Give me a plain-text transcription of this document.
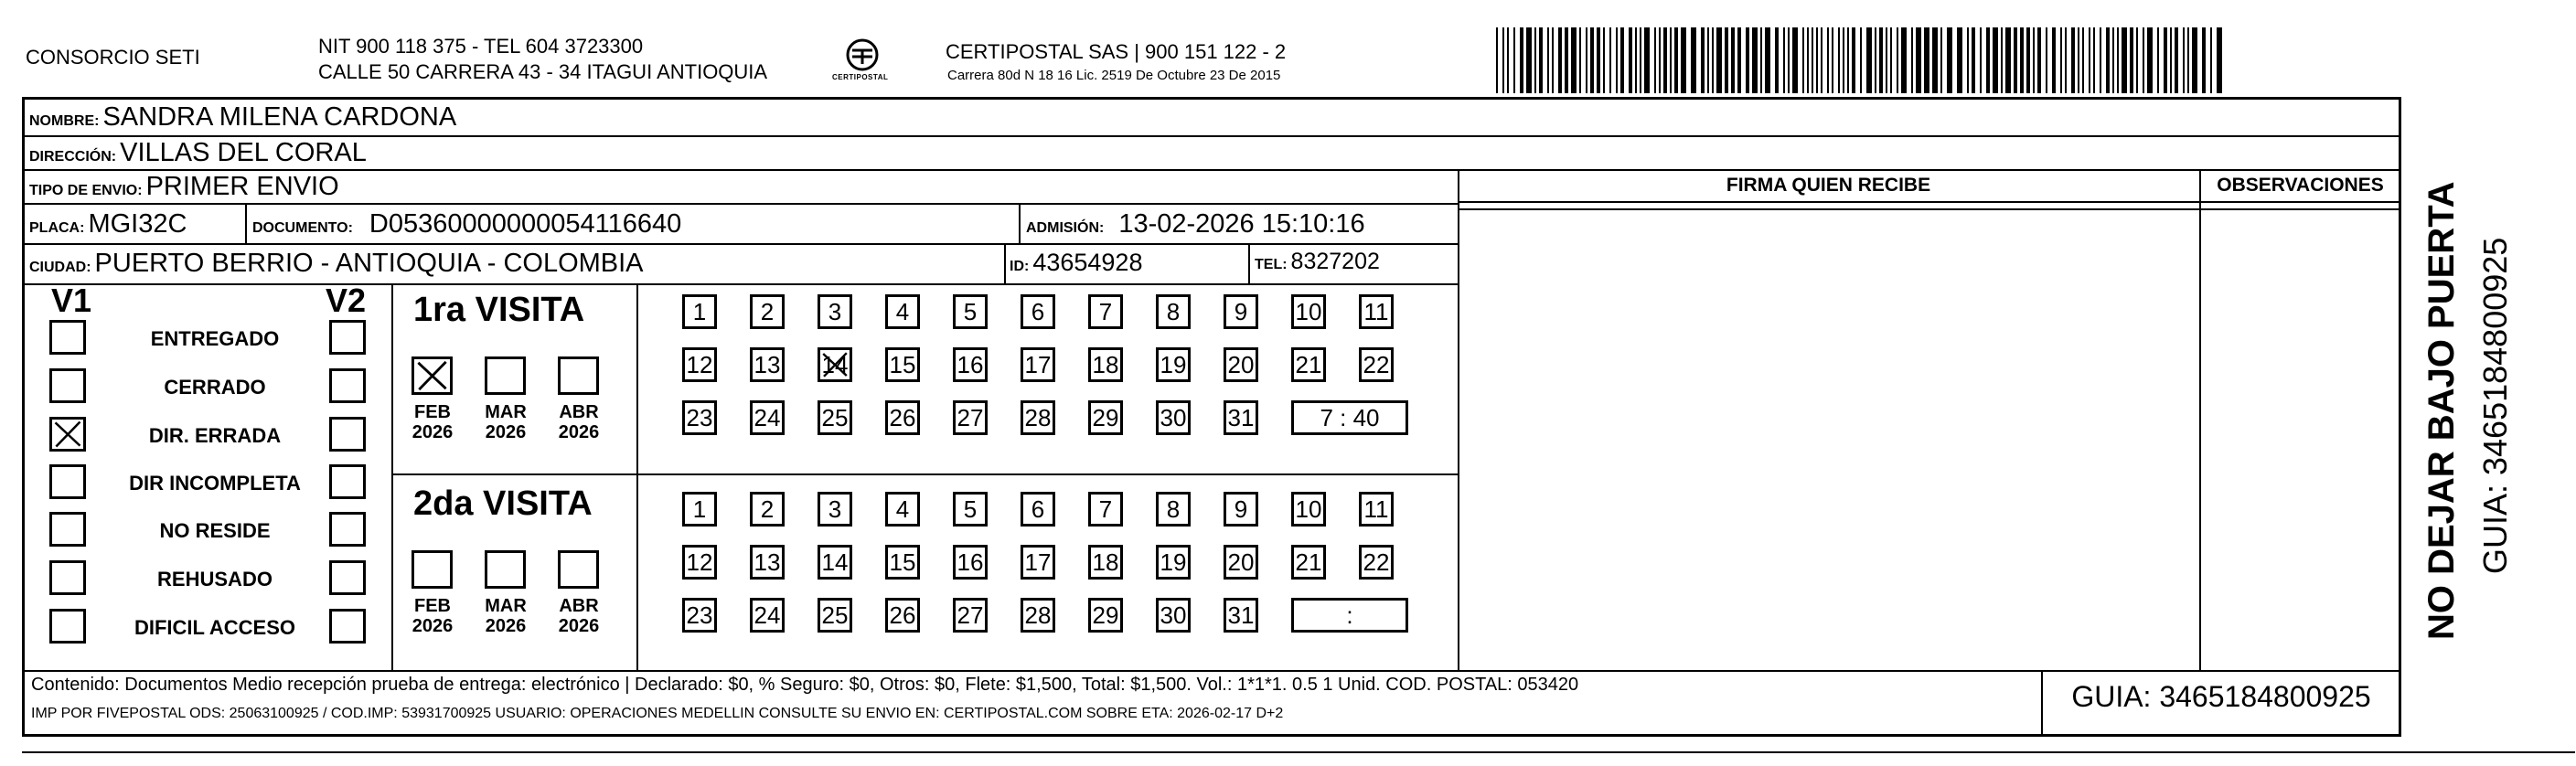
CONSORCIO SETI	NIT 900 118 375 - TEL 604 3723300
CALLE 50 CARRERA 43 - 34 ITAGUI ANTIOQUIA	CERTIPOSTAL
CERTIPOSTAL SAS | 900 151 122 - 2
Carrera 80d N 18 16 Lic. 2519 De Octubre 23 De 2015
NOMBRE: SANDRA MILENA CARDONA
DIRECCIÓN: VILLAS DEL CORAL
TIPO DE ENVIO: PRIMER ENVIO
PLACA: MGI32C	DOCUMENTO: D05360000000054116640	ADMISIÓN: 13-02-2026 15:10:16
CIUDAD: PUERTO BERRIO - ANTIOQUIA - COLOMBIA	ID: 43654928	TEL: 8327202
FIRMA QUIEN RECIBE	OBSERVACIONES
V1	V2
ENTREGADO
CERRADO
DIR. ERRADA
DIR INCOMPLETA
NO RESIDE
REHUSADO
DIFICIL ACCESO
1ra VISITA
2da VISITA
FEB
2026
MAR
2026
ABR
2026
1	2	3	4	5	6	7	8	9	10 11
12 13 14 15 16 17 18 19 20 21 22
23 24 25 26 27 28 29 30 31	7 : 40
FEB
2026
MAR
2026
ABR
2026
1	2	3	4	5	6	7	8	9	10 11
12 13 14 15 16 17 18 19 20 21 22
23 24 25 26 27 28 29 30 31	:
Contenido: Documentos Medio recepción prueba de entrega: electrónico | Declarado: $0, % Seguro: $0, Otros: $0, Flete: $1,500, Total: $1,500. Vol.: 1*1*1. 0.5 1 Unid. COD. POSTAL: 053420
IMP POR FIVEPOSTAL ODS: 25063100925 / COD.IMP: 53931700925 USUARIO: OPERACIONES MEDELLIN CONSULTE SU ENVIO EN: CERTIPOSTAL.COM SOBRE ETA: 2026-02-17 D+2
GUIA: 3465184800925
NO DEJAR BAJO PUERTA GUIA: 3465184800925
